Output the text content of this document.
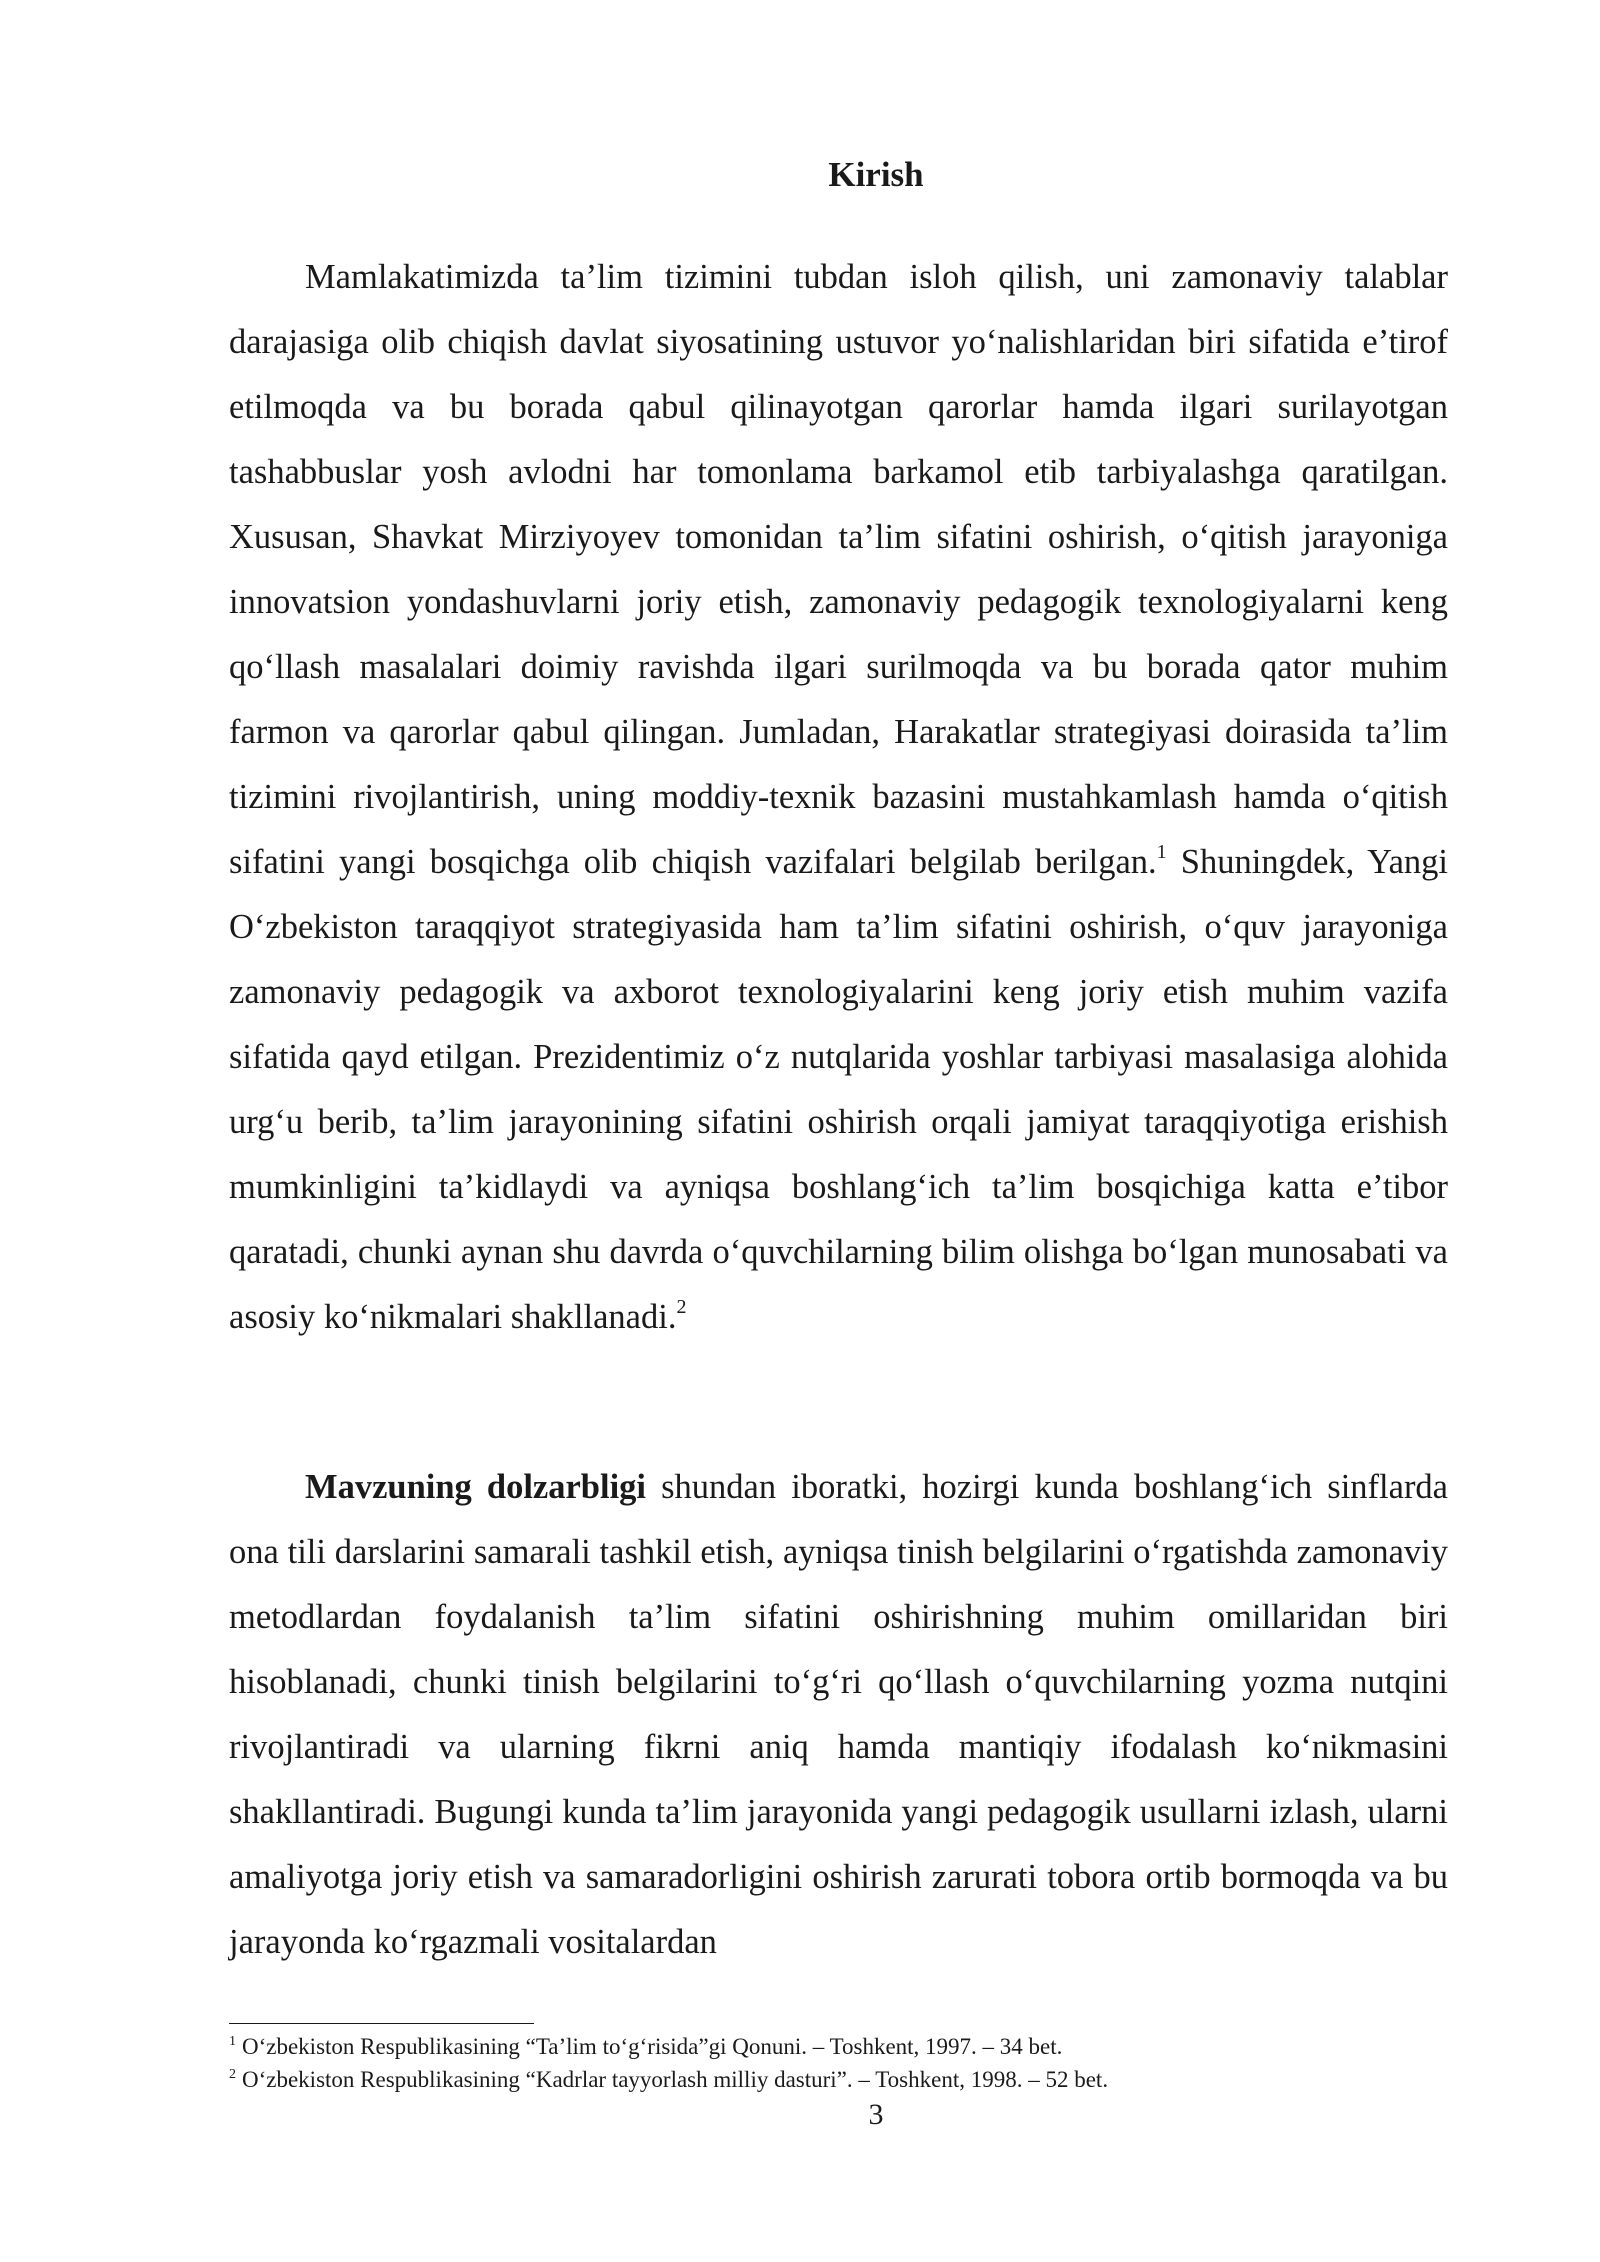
Kirish

Mamlakatimizda ta’lim tizimini tubdan isloh qilish, uni zamonaviy talablar darajasiga olib chiqish davlat siyosatining ustuvor yo‘nalishlaridan biri sifatida e’tirof etilmoqda va bu borada qabul qilinayotgan qarorlar hamda ilgari surilayotgan tashabbuslar yosh avlodni har tomonlama barkamol etib tarbiyalashga qaratilgan. Xususan, Shavkat Mirziyoyev tomonidan ta’lim sifatini oshirish, o‘qitish jarayoniga innovatsion yondashuvlarni joriy etish, zamonaviy pedagogik texnologiyalarni keng qo‘llash masalalari doimiy ravishda ilgari surilmoqda va bu borada qator muhim farmon va qarorlar qabul qilingan. Jumladan, Harakatlar strategiyasi doirasida ta’lim tizimini rivojlantirish, uning moddiy-texnik bazasini mustahkamlash hamda o‘qitish sifatini yangi bosqichga olib chiqish vazifalari belgilab berilgan.$^1$ Shuningdek, Yangi O‘zbekiston taraqqiyot strategiyasida ham ta’lim sifatini oshirish, o‘quv jarayoniga zamonaviy pedagogik va axborot texnologiyalarini keng joriy etish muhim vazifa sifatida qayd etilgan. Prezidentimiz o‘z nutqlarida yoshlar tarbiyasi masalasiga alohida urg‘u berib, ta’lim jarayonining sifatini oshirish orqali jamiyat taraqqiyotiga erishish mumkinligini ta’kidlaydi va ayniqsa boshlang‘ich ta’lim bosqichiga katta e’tibor qaratadi, chunki aynan shu davrda o‘quvchilarning bilim olishga bo‘lgan munosabati va asosiy ko‘nikmalari shakllanadi.$^2$

Mavzuning dolzarbligi shundan iboratki, hozirgi kunda boshlang‘ich sinflarda ona tili darslarini samarali tashkil etish, ayniqsa tinish belgilarini o‘rgatishda zamonaviy metodlardan foydalanish ta’lim sifatini oshirishning muhim omillaridan biri hisoblanadi, chunki tinish belgilarini to‘g‘ri qo‘llash o‘quvchilarning yozma nutqini rivojlantiradi va ularning fikrni aniq hamda mantiqiy ifodalash ko‘nikmasini shakllantiradi. Bugungi kunda ta’lim jarayonida yangi pedagogik usullarni izlash, ularni amaliyotga joriy etish va samaradorligini oshirish zarurati tobora ortib bormoqda va bu jarayonda ko‘rgazmali vositalardan

$^1$ O‘zbekiston Respublikasining “Ta’lim to‘g‘risida”gi Qonuni. – Toshkent, 1997. – 34 bet.
$^2$ O‘zbekiston Respublikasining “Kadrlar tayyorlash milliy dasturi”. – Toshkent, 1998. – 52 bet.
3
